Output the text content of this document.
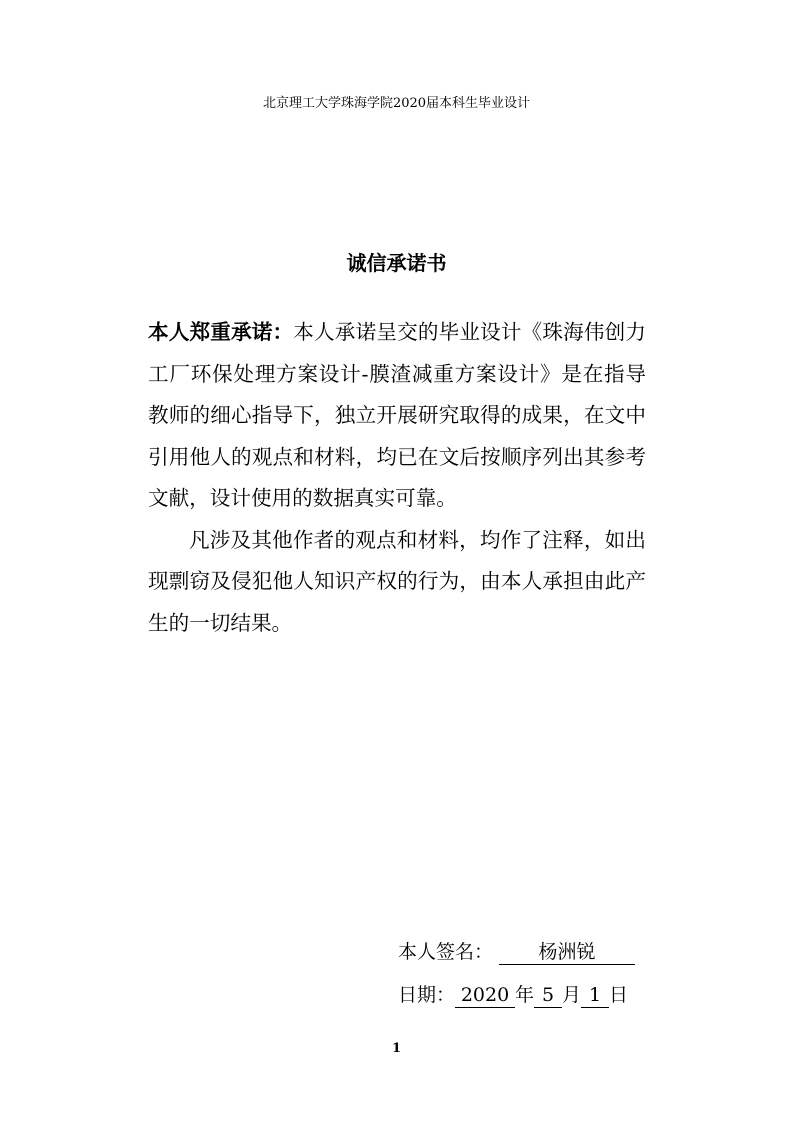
北京理工大学珠海学院2020届本科生毕业设计
诚信承诺书

本人郑重承诺：本人承诺呈交的毕业设计《珠海伟创力工厂环保处理方案设计-膜渣减重方案设计》是在指导教师的细心指导下，独立开展研究取得的成果，在文中引用他人的观点和材料，均已在文后按顺序列出其参考文献，设计使用的数据真实可靠。

凡涉及其他作者的观点和材料，均作了注释，如出现剽窃及侵犯他人知识产权的行为，由本人承担由此产生的一切结果。

本人签名： 杨洲锐
日期： 2020 年 5 月 1 日
1
